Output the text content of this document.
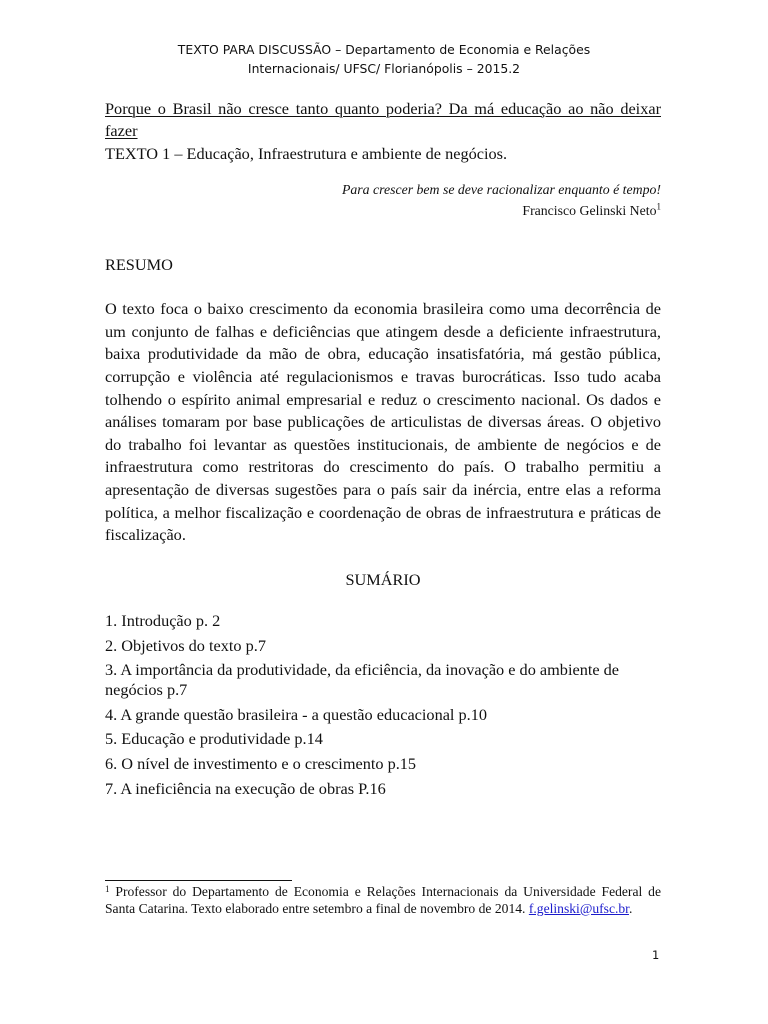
TEXTO PARA DISCUSSÃO – Departamento de Economia e Relações
Internacionais/ UFSC/ Florianópolis – 2015.2

Porque o Brasil não cresce tanto quanto poderia? Da má educação ao não deixar fazer

TEXTO 1 – Educação, Infraestrutura e ambiente de negócios.

Para crescer bem se deve racionalizar enquanto é tempo!
Francisco Gelinski Neto$^1$

RESUMO

O texto foca o baixo crescimento da economia brasileira como uma decorrência de um conjunto de falhas e deficiências que atingem desde a deficiente infraestrutura, baixa produtividade da mão de obra, educação insatisfatória, má gestão pública, corrupção e violência até regulacionismos e travas burocráticas. Isso tudo acaba tolhendo o espírito animal empresarial e reduz o crescimento nacional. Os dados e análises tomaram por base publicações de articulistas de diversas áreas. O objetivo do trabalho foi levantar as questões institucionais, de ambiente de negócios e de infraestrutura como restritoras do crescimento do país. O trabalho permitiu a apresentação de diversas sugestões para o país sair da inércia, entre elas a reforma política, a melhor fiscalização e coordenação de obras de infraestrutura e práticas de fiscalização.

SUMÁRIO

1. Introdução p. 2
2. Objetivos do texto p.7
3. A importância da produtividade, da eficiência, da inovação e do ambiente de negócios p.7
4. A grande questão brasileira - a questão educacional p.10
5. Educação e produtividade p.14
6. O nível de investimento e o crescimento p.15
7. A ineficiência na execução de obras P.16
$^1$ Professor do Departamento de Economia e Relações Internacionais da Universidade Federal de Santa Catarina. Texto elaborado entre setembro a final de novembro de 2014. f.gelinski@ufsc.br.
1
